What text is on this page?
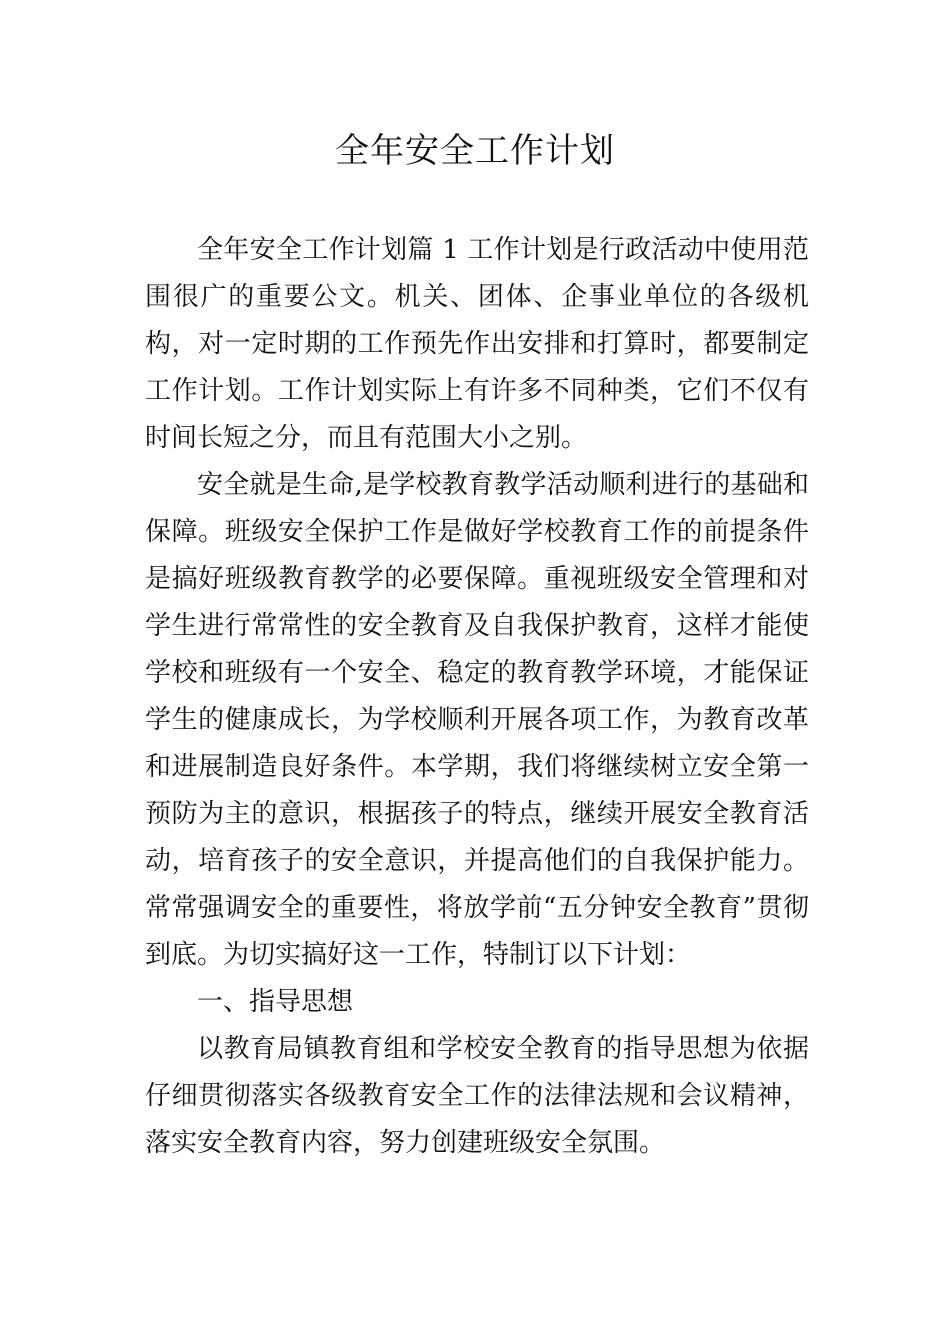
全年安全工作计划

全年安全工作计划篇 1 工作计划是行政活动中使用范围很广的重要公文。机关、团体、企事业单位的各级机构，对一定时期的工作预先作出安排和打算时，都要制定工作计划。工作计划实际上有许多不同种类，它们不仅有时间长短之分，而且有范围大小之别。

安全就是生命,是学校教育教学活动顺利进行的基础和保障。班级安全保护工作是做好学校教育工作的前提条件是搞好班级教育教学的必要保障。重视班级安全管理和对学生进行常常性的安全教育及自我保护教育，这样才能使学校和班级有一个安全、稳定的教育教学环境，才能保证学生的健康成长，为学校顺利开展各项工作，为教育改革和进展制造良好条件。本学期，我们将继续树立安全第一预防为主的意识，根据孩子的特点，继续开展安全教育活动，培育孩子的安全意识，并提高他们的自我保护能力。常常强调安全的重要性，将放学前“五分钟安全教育”贯彻到底。为切实搞好这一工作，特制订以下计划：

一、指导思想

以教育局镇教育组和学校安全教育的指导思想为依据仔细贯彻落实各级教育安全工作的法律法规和会议精神，落实安全教育内容，努力创建班级安全氛围。
